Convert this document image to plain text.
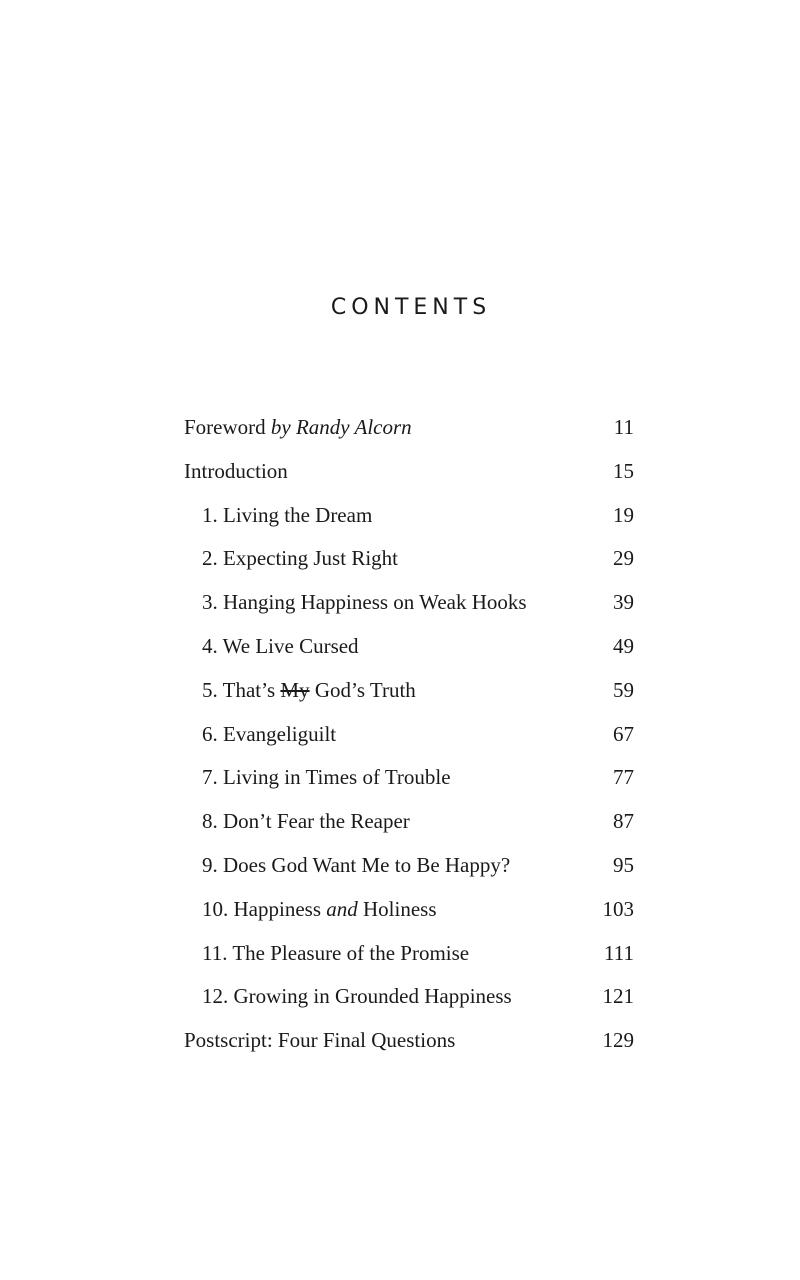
CONTENTS
Foreword by Randy Alcorn	11
Introduction	15
1. Living the Dream	19
2. Expecting Just Right	29
3. Hanging Happiness on Weak Hooks	39
4. We Live Cursed	49
5. That’s My God’s Truth	59
6. Evangeliguilt	67
7. Living in Times of Trouble	77
8. Don’t Fear the Reaper	87
9. Does God Want Me to Be Happy?	95
10. Happiness and Holiness	103
11. The Pleasure of the Promise	111
12. Growing in Grounded Happiness	121
Postscript: Four Final Questions	129
